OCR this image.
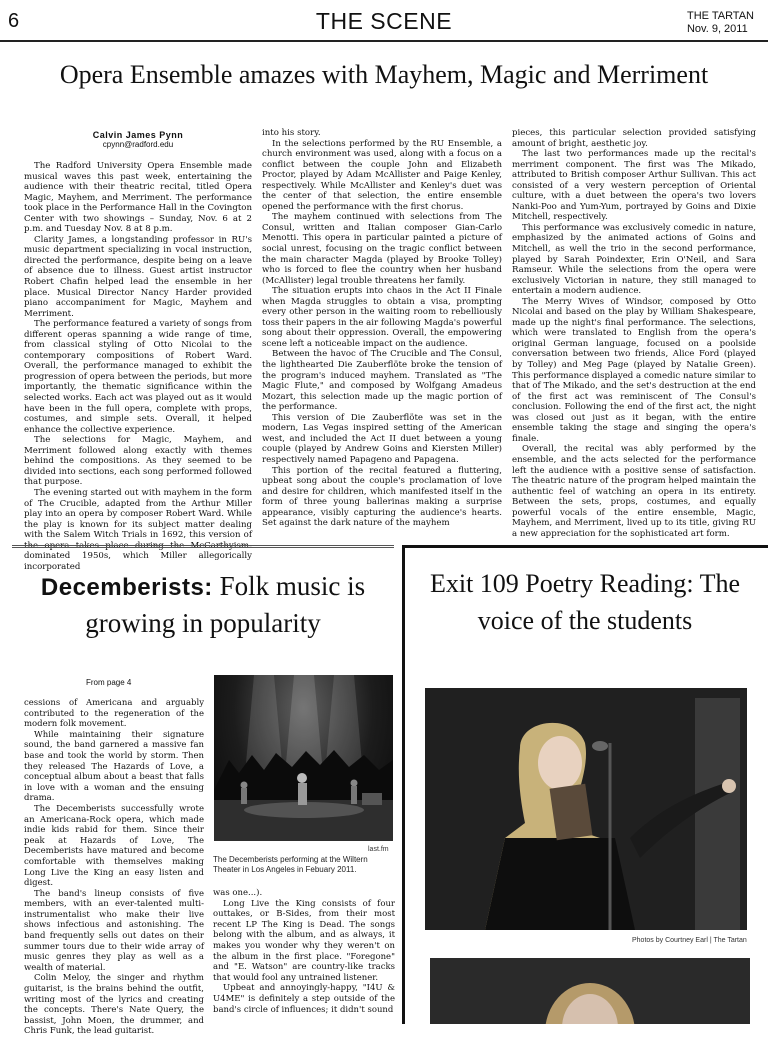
6	THE SCENE	THE TARTAN
Nov. 9, 2011
Opera Ensemble amazes with Mayhem, Magic and Merriment
Calvin James Pynn
cpynn@radford.edu

The Radford University Opera Ensemble made musical waves this past week, entertaining the audience with their theatric recital, titled Opera Magic, Mayhem, and Merriment. The performance took place in the Performance Hall in the Covington Center with two showings – Sunday, Nov. 6 at 2 p.m. and Tuesday Nov. 8 at 8 p.m.

Clarity James, a longstanding professor in RU's music department specializing in vocal instruction, directed the performance, despite being on a leave of absence due to illness. Guest artist instructor Robert Chafin helped lead the ensemble in her place. Musical Director Nancy Harder provided piano accompaniment for Magic, Mayhem and Merriment.

The performance featured a variety of songs from different operas spanning a wide range of time, from classical styling of Otto Nicolai to the contemporary compositions of Robert Ward. Overall, the performance managed to exhibit the progression of opera between the periods, but more importantly, the thematic significance within the selected works. Each act was played out as it would have been in the full opera, complete with props, costumes, and simple sets. Overall, it helped enhance the collective experience.

The selections for Magic, Mayhem, and Merriment followed along exactly with themes behind the compositions. As they seemed to be divided into sections, each song performed followed that purpose.

The evening started out with mayhem in the form of The Crucible, adapted from the Arthur Miller play into an opera by composer Robert Ward. While the play is known for its subject matter dealing with the Salem Witch Trials in 1692, this version of the opera takes place during the McCarthyism-dominated 1950s, which Miller allegorically incorporated

into his story.

In the selections performed by the RU Ensemble, a church environment was used, along with a focus on a conflict between the couple John and Elizabeth Proctor, played by Adam McAllister and Paige Kenley, respectively. While McAllister and Kenley's duet was the center of that selection, the entire ensemble opened the performance with the first chorus.

The mayhem continued with selections from The Consul, written and Italian composer Gian-Carlo Menotti. This opera in particular painted a picture of social unrest, focusing on the tragic conflict between the main character Magda (played by Brooke Tolley) who is forced to flee the country when her husband (McAllister) legal trouble threatens her family.

The situation erupts into chaos in the Act II Finale when Magda struggles to obtain a visa, prompting every other person in the waiting room to rebelliously toss their papers in the air following Magda's powerful song about their oppression. Overall, the empowering scene left a noticeable impact on the audience.

Between the havoc of The Crucible and The Consul, the lighthearted Die Zauberflöte broke the tension of the program's induced mayhem. Translated as "The Magic Flute," and composed by Wolfgang Amadeus Mozart, this selection made up the magic portion of the performance.

This version of Die Zauberflöte was set in the modern, Las Vegas inspired setting of the American west, and included the Act II duet between a young couple (played by Andrew Goins and Kiersten Miller) respectively named Papageno and Papagena.

This portion of the recital featured a fluttering, upbeat song about the couple's proclamation of love and desire for children, which manifested itself in the form of three young ballerinas making a surprise appearance, visibly capturing the audience's hearts. Set against the dark nature of the mayhem

pieces, this particular selection provided satisfying amount of bright, aesthetic joy.

The last two performances made up the recital's merriment component. The first was The Mikado, attributed to British composer Arthur Sullivan. This act consisted of a very western perception of Oriental culture, with a duet between the opera's two lovers Nanki-Poo and Yum-Yum, portrayed by Goins and Dixie Mitchell, respectively.

This performance was exclusively comedic in nature, emphasized by the animated actions of Goins and Mitchell, as well the trio in the second performance, played by Sarah Poindexter, Erin O'Neil, and Sara Ramseur. While the selections from the opera were exclusively Victorian in nature, they still managed to entertain a modern audience.

The Merry Wives of Windsor, composed by Otto Nicolai and based on the play by William Shakespeare, made up the night's final performance. The selections, which were translated to English from the opera's original German language, focused on a poolside conversation between two friends, Alice Ford (played by Tolley) and Meg Page (played by Natalie Green). This performance displayed a comedic nature similar to that of The Mikado, and the set's destruction at the end of the first act was reminiscent of The Consul's conclusion. Following the end of the first act, the night was closed out just as it began, with the entire ensemble taking the stage and singing the opera's finale.

Overall, the recital was ably performed by the ensemble, and the acts selected for the performance left the audience with a positive sense of satisfaction. The theatric nature of the program helped maintain the authentic feel of watching an opera in its entirety. Between the sets, props, costumes, and equally powerful vocals of the entire ensemble, Magic, Mayhem, and Merriment, lived up to its title, giving RU a new appreciation for the sophisticated art form.

Decemberists: Folk music is growing in popularity
From page 4

cessions of Americana and arguably contributed to the regeneration of the modern folk movement.

While maintaining their signature sound, the band garnered a massive fan base and took the world by storm. Then they released The Hazards of Love, a conceptual album about a beast that falls in love with a woman and the ensuing drama.

The Decemberists successfully wrote an Americana-Rock opera, which made indie kids rabid for them. Since their peak at Hazards of Love, The Decemberists have matured and become comfortable with themselves making Long Live the King an easy listen and digest.

The band's lineup consists of five members, with an ever-talented multi-instrumentalist who make their live shows infectious and astonishing. The band frequently sells out dates on their summer tours due to their wide array of music genres they play as well as a wealth of material.

Colin Meloy, the singer and rhythm guitarist, is the brains behind the outfit, writing most of the lyrics and creating the concepts. There's Nate Query, the bassist, John Moen, the drummer, and Chris Funk, the lead guitarist.

last.fm
The Decemberists performing at the Wiltern Theater in Los Angeles in Febuary 2011.

was one...).

Long Live the King consists of four outtakes, or B-Sides, from their most recent LP The King is Dead. The songs belong with the album, and as always, it makes you wonder why they weren't on the album in the first place. "Foregone" and "E. Watson" are country-like tracks that would fool any untrained listener.

Upbeat and annoyingly-happy, "I4U & U4ME" is definitely a step outside of the band's circle of influences; it didn't sound

Exit 109 Poetry Reading: The voice of the students
Photos by Courtney Earl | The Tartan
